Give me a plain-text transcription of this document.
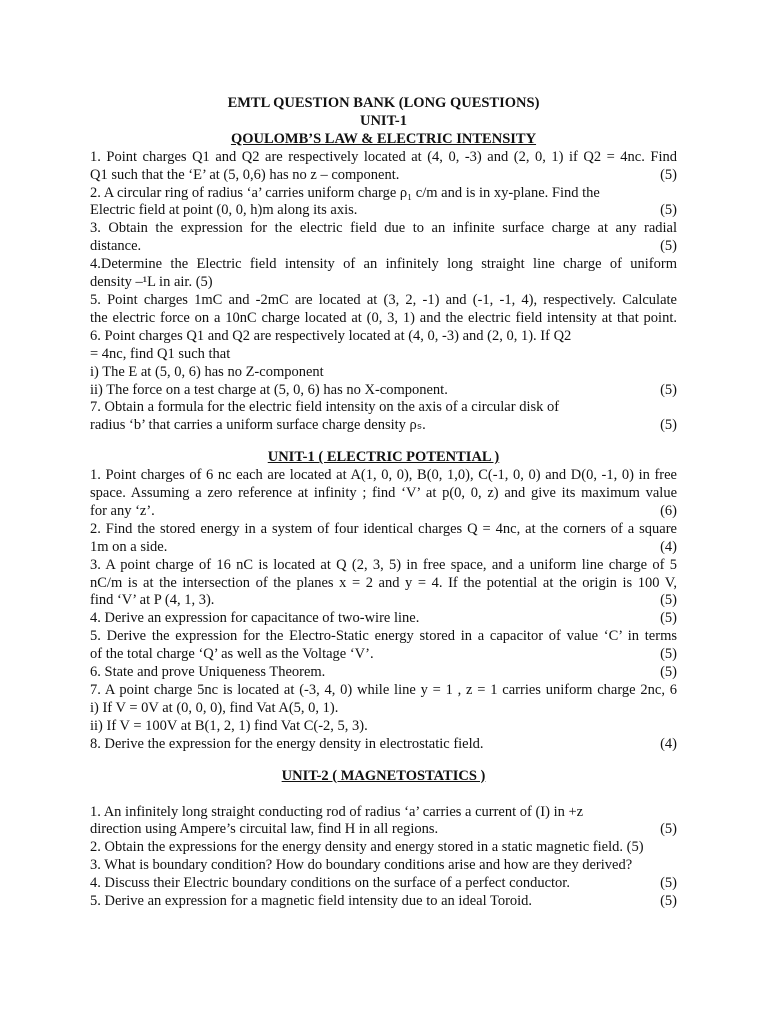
EMTL QUESTION BANK (LONG QUESTIONS)

UNIT-1

QOULOMB’S LAW & ELECTRIC INTENSITY

1. Point charges Q1 and Q2 are respectively located at (4, 0, -3) and (2, 0, 1) if Q2 = 4nc. Find
Q1 such that the ‘E’ at (5, 0,6) has no z – component.	(5)
2. A circular ring of radius ‘a’ carries uniform charge ρ₁ c/m and is in xy-plane. Find the
Electric field at point (0, 0, h)m along its axis.	(5)
3. Obtain the expression for the electric field due to an infinite surface charge at any radial
distance.	(5)
4.Determine the Electric field intensity of an infinitely long straight line charge of uniform
density –¹L in air. (5)
5. Point charges 1mC and -2mC are located at (3, 2, -1) and (-1, -1, 4), respectively. Calculate
the electric force on a 10nC charge located at (0, 3, 1) and the electric field intensity at that point.
6. Point charges Q1 and Q2 are respectively located at (4, 0, -3) and (2, 0, 1). If Q2
= 4nc, find Q1 such that
i) The E at (5, 0, 6) has no Z-component
ii) The force on a test charge at (5, 0, 6) has no X-component.	(5)
7. Obtain a formula for the electric field intensity on the axis of a circular disk of
radius ‘b’ that carries a uniform surface charge density ρₛ.	(5)

UNIT-1 ( ELECTRIC POTENTIAL )

1. Point charges of 6 nc each are located at A(1, 0, 0), B(0, 1,0), C(-1, 0, 0) and D(0, -1, 0) in free
space. Assuming a zero reference at infinity ; find ‘V’ at p(0, 0, z) and give its maximum value
for any ‘z’.	(6)
2. Find the stored energy in a system of four identical charges Q = 4nc, at the corners of a square
1m on a side.	(4)
3. A point charge of 16 nC is located at Q (2, 3, 5) in free space, and a uniform line charge of 5
nC/m is at the intersection of the planes x = 2 and y = 4. If the potential at the origin is 100 V,
find ‘V’ at P (4, 1, 3).	(5)
4. Derive an expression for capacitance of two-wire line.	(5)
5. Derive the expression for the Electro-Static energy stored in a capacitor of value ‘C’ in terms
of the total charge ‘Q’ as well as the Voltage ‘V’.	(5)
6. State and prove Uniqueness Theorem.	(5)
7. A point charge 5nc is located at (-3, 4, 0) while line y = 1 , z = 1 carries uniform charge 2nc, 6
i) If V = 0V at (0, 0, 0), find Vat A(5, 0, 1).
ii) If V = 100V at B(1, 2, 1) find Vat C(-2, 5, 3).
8. Derive the expression for the energy density in electrostatic field.	(4)

UNIT-2 ( MAGNETOSTATICS )

1. An infinitely long straight conducting rod of radius ‘a’ carries a current of (I) in +z
direction using Ampere’s circuital law, find H in all regions.	(5)
2. Obtain the expressions for the energy density and energy stored in a static magnetic field. (5)
3. What is boundary condition? How do boundary conditions arise and how are they derived?
4. Discuss their Electric boundary conditions on the surface of a perfect conductor.	(5)
5. Derive an expression for a magnetic field intensity due to an ideal Toroid.	(5)
